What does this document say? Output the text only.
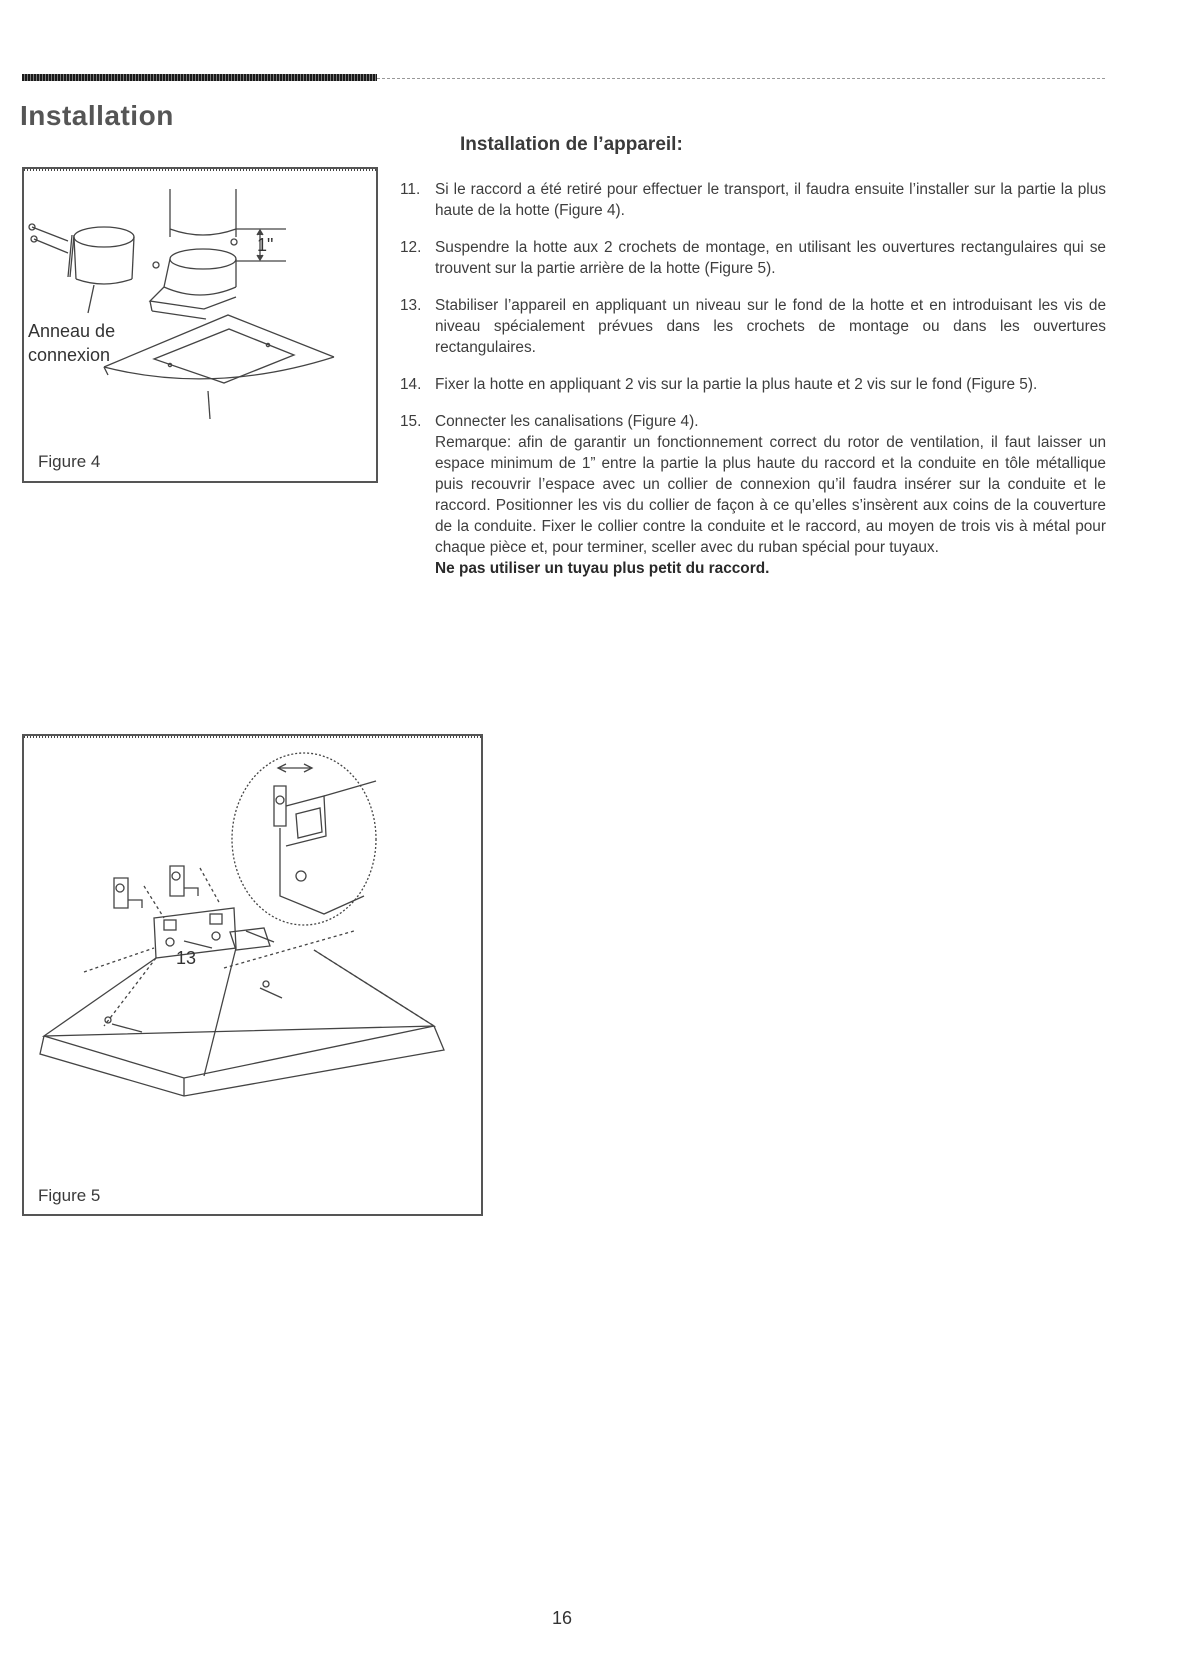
Installation
Installation de l’appareil:
11. Si le raccord a été retiré pour effectuer le transport, il faudra ensuite l’installer sur la partie la plus haute de la hotte (Figure 4).

12. Suspendre la hotte aux 2 crochets de montage, en utilisant les ouvertures rectangulaires qui se trouvent sur la partie arrière de la hotte (Figure 5).

13. Stabiliser l’appareil en appliquant un niveau sur le fond de la hotte et en introduisant les vis de niveau spécialement prévues dans les crochets de montage ou dans les ouvertures rectangulaires.

14. Fixer la hotte en appliquant 2 vis sur la partie la plus haute et 2 vis sur le fond (Figure 5).

15. Connecter les canalisations (Figure 4).

Remarque: afin de garantir un fonctionnement correct du rotor de ventilation, il faut laisser un espace minimum de 1” entre la partie la plus haute du raccord et la conduite en tôle métallique puis recouvrir l’espace avec un collier de connexion qu’il faudra insérer sur la conduite et le raccord. Positionner les vis du collier de façon à ce qu’elles s’insèrent aux coins de la couverture de la conduite. Fixer le collier contre la conduite et le raccord, au moyen de trois vis à métal pour chaque pièce et, pour terminer, sceller avec du ruban spécial pour tuyaux.

Ne pas utiliser un tuyau plus petit du raccord.

1"
Anneau de
connexion

Figure 4

13

Figure 5

16
